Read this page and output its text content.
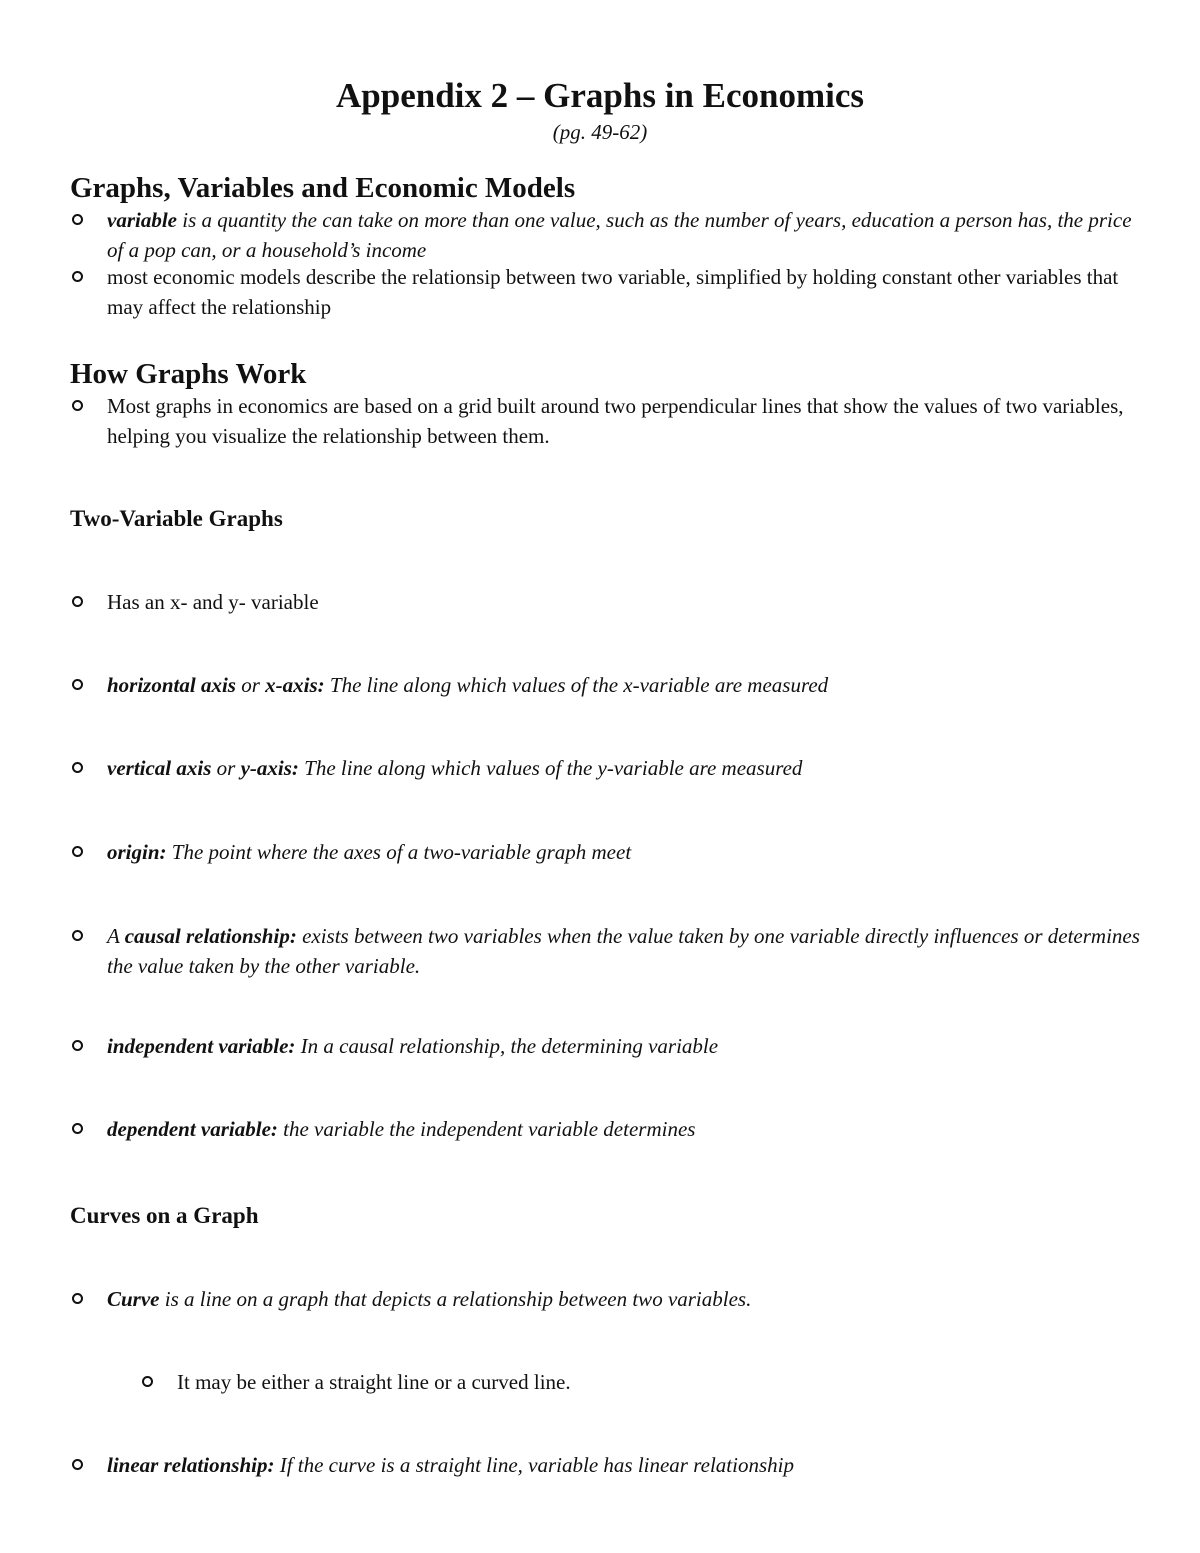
Appendix 2 – Graphs in Economics
(pg. 49-62)
Graphs, Variables and Economic Models
variable is a quantity the can take on more than one value, such as the number of years, education a person has, the price of a pop can, or a household’s income
most economic models describe the relationsip between two variable, simplified by holding constant other variables that may affect the relationship
How Graphs Work
Most graphs in economics are based on a grid built around two perpendicular lines that show the values of two variables, helping you visualize the relationship between them.
Two-Variable Graphs
Has an x- and y- variable
horizontal axis or x-axis: The line along which values of the x-variable are measured
vertical axis or y-axis: The line along which values of the y-variable are measured
origin: The point where the axes of a two-variable graph meet
A causal relationship: exists between two variables when the value taken by one variable directly influences or determines the value taken by the other variable.
independent variable: In a causal relationship, the determining variable
dependent variable: the variable the independent variable determines
Curves on a Graph
Curve is a line on a graph that depicts a relationship between two variables.
It may be either a straight line or a curved line.
linear relationship: If the curve is a straight line, variable has linear relationship
